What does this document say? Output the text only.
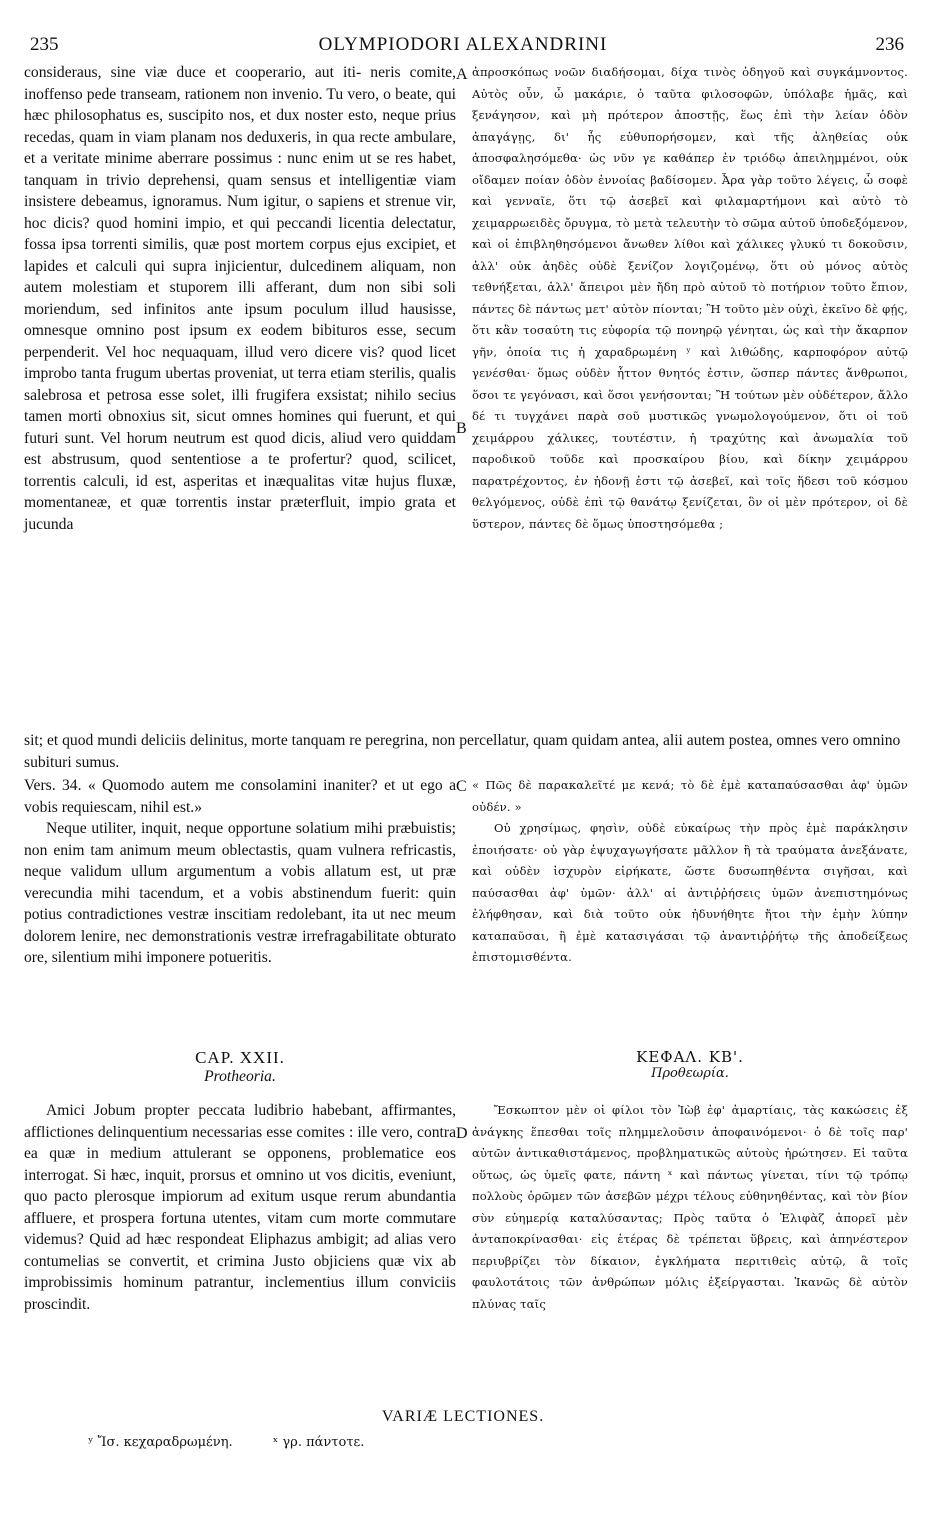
235	OLYMPIODORI ALEXANDRINI	236

consideraus, sine viæ duce et cooperario, aut iti- neris comite, inoffenso pede transeam, rationem non invenio. Tu vero, o beate, qui hæc philosophatus es, suscipito nos, et dux noster esto, neque prius recedas, quam in viam planam nos deduxeris, in qua recte ambulare, et a veritate minime aberrare possimus : nunc enim ut se res habet, tanquam in trivio deprehensi, quam sensus et intelligentiæ viam insistere debeamus, ignoramus. Num igitur, o sapiens et strenue vir, hoc dicis? quod homini impio, et qui peccandi licentia delectatur, fossa ipsa torrenti similis, quæ post mortem corpus ejus excipiet, et lapides et calculi qui supra injicientur, dulcedinem aliquam, non autem molestiam et stuporem illi afferant, dum non sibi soli moriendum, sed infinitos ante ipsum poculum illud hausisse, omnesque omnino post ipsum ex eodem bibituros esse, secum perpenderit. Vel hoc nequaquam, illud vero dicere vis? quod licet improbo tanta frugum ubertas proveniat, ut terra etiam sterilis, qualis salebrosa et petrosa esse solet, illi frugifera exsistat; nihilo secius tamen morti obnoxius sit, sicut omnes homines qui fuerunt, et qui futuri sunt. Vel horum neutrum est quod dicis, aliud vero quiddam est abstrusum, quod sententiose a te profertur? quod, scilicet, torrentis calculi, id est, asperitas et inæqualitas vitæ hujus fluxæ, momentaneæ, et quæ torrentis instar præterfluit, impio grata et jucunda

ἀπροσκόπως νοῶν διαδήσομαι, δίχα τινὸς ὁδηγοῦ καὶ συγκάμνοντος. Αὐτὸς οὖν, ὦ μακάριε, ὁ ταῦτα φιλοσοφῶν, ὑπόλαβε ἡμᾶς, καὶ ξενάγησον, καὶ μὴ πρότερον ἀποστῇς, ἕως ἐπὶ τὴν λείαν ὁδὸν ἀπαγάγῃς, δι' ἧς εὐθυπορήσομεν, καὶ τῆς ἀληθείας οὐκ ἀποσφαλησόμεθα· ὡς νῦν γε καθάπερ ἐν τριόδῳ ἀπειλημμένοι, οὐκ οἴδαμεν ποίαν ὁδὸν ἐννοίας βαδίσομεν. Ἆρα γὰρ τοῦτο λέγεις, ὦ σοφὲ καὶ γενναῖε, ὅτι τῷ ἀσεβεῖ καὶ φιλαμαρτήμονι καὶ αὐτὸ τὸ χειμαρρωειδὲς ὄρυγμα, τὸ μετὰ τελευτὴν τὸ σῶμα αὐτοῦ ὑποδεξόμενον, καὶ οἱ ἐπιβληθησόμενοι ἄνωθεν λίθοι καὶ χάλικες γλυκύ τι δοκοῦσιν, ἀλλ' οὐκ ἀηδὲς οὐδὲ ξενίζον λογιζομένῳ, ὅτι οὐ μόνος αὐτὸς τεθνήξεται, ἀλλ' ἄπειροι μὲν ἤδη πρὸ αὐτοῦ τὸ ποτήριον τοῦτο ἔπιον, πάντες δὲ πάντως μετ' αὐτὸν πίονται; Ἢ τοῦτο μὲν οὐχὶ, ἐκεῖνο δὲ φῄς, ὅτι κἂν τοσαύτη τις εὐφορία τῷ πονηρῷ γένηται, ὡς καὶ τὴν ἄκαρπον γῆν, ὁποία τις ἡ χαραδρωμένη ʸ καὶ λιθώδης, καρποφόρον αὐτῷ γενέσθαι· ὅμως οὐδὲν ἧττον θνητός ἐστιν, ὥσπερ πάντες ἄνθρωποι, ὅσοι τε γεγόνασι, καὶ ὅσοι γενήσονται; Ἢ τούτων μὲν οὐδέτερον, ἄλλο δέ τι τυγχάνει παρὰ σοῦ μυστικῶς γνωμολογούμενον, ὅτι οἱ τοῦ χειμάρρου χάλικες, τουτέστιν, ἡ τραχύτης καὶ ἀνωμαλία τοῦ παροδικοῦ τοῦδε καὶ προσκαίρου βίου, καὶ δίκην χειμάρρου παρατρέχοντος, ἐν ἡδονῇ ἐστι τῷ ἀσεβεῖ, καὶ τοῖς ἥδεσι τοῦ κόσμου θελγόμενος, οὐδὲ ἐπὶ τῷ θανάτῳ ξενίζεται, ὃν οἱ μὲν πρότερον, οἱ δὲ ὕστερον, πάντες δὲ ὅμως ὑποστησόμεθα ;

sit; et quod mundi deliciis delinitus, morte tanquam re peregrina, non percellatur, quam quidam antea, alii autem postea, omnes vero omnino subituri sumus.

Vers. 34. « Quomodo autem me consolamini inaniter? et ut ego a vobis requiescam, nihil est.»

Neque utiliter, inquit, neque opportune solatium mihi præbuistis; non enim tam animum meum oblectastis, quam vulnera refricastis, neque validum ullum argumentum a vobis allatum est, ut præ verecundia mihi tacendum, et a vobis abstinendum fuerit: quin potius contradictiones vestræ inscitiam redolebant, ita ut nec meum dolorem lenire, nec demonstrationis vestræ irrefragabilitate obturato ore, silentium mihi imponere potueritis.

« Πῶς δὲ παρακαλεῖτέ με κενά; τὸ δὲ ἐμὲ καταπαύσασθαι ἀφ' ὑμῶν οὐδέν. »

Οὐ χρησίμως, φησὶν, οὐδὲ εὐκαίρως τὴν πρὸς ἐμὲ παράκλησιν ἐποιήσατε· οὐ γὰρ ἐψυχαγωγήσατε μᾶλλον ἢ τὰ τραύματα ἀνεξάνατε, καὶ οὐδὲν ἰσχυρὸν εἰρήκατε, ὥστε δυσωπηθέντα σιγῆσαι, καὶ παύσασθαι ἀφ' ὑμῶν· ἀλλ' αἱ ἀντιῤῥήσεις ὑμῶν ἀνεπιστημόνως ἐλήφθησαν, καὶ διὰ τοῦτο οὐκ ἠδυνήθητε ἤτοι τὴν ἐμὴν λύπην καταπαῦσαι, ἢ ἐμὲ κατασιγάσαι τῷ ἀναντιῤῥήτῳ τῆς ἀποδείξεως ἐπιστομισθέντα.

CAP. XXII.

Protheoria.

ΚΕΦΑΛ. ΚΒ'.

Προθεωρία.

Amici Jobum propter peccata ludibrio habebant, affirmantes, afflictiones delinquentium necessarias esse comites : ille vero, contra ea quæ in medium attulerant se opponens, problematice eos interrogat. Si hæc, inquit, prorsus et omnino ut vos dicitis, eveniunt, quo pacto plerosque impiorum ad exitum usque rerum abundantia affluere, et prospera fortuna utentes, vitam cum morte commutare videmus? Quid ad hæc respondeat Eliphazus ambigit; ad alias vero contumelias se convertit, et crimina Justo objiciens quæ vix ab improbissimis hominum patrantur, inclementius illum conviciis proscindit.

Ἔσκωπτον μὲν οἱ φίλοι τὸν Ἰὼβ ἐφ' ἁμαρτίαις, τὰς κακώσεις ἐξ ἀνάγκης ἕπεσθαι τοῖς πλημμελοῦσιν ἀποφαινόμενοι· ὁ δὲ τοῖς παρ' αὐτῶν ἀντικαθιστάμενος, προβληματικῶς αὐτοὺς ἠρώτησεν. Εἰ ταῦτα οὕτως, ὡς ὑμεῖς φατε, πάντη ˣ καὶ πάντως γίνεται, τίνι τῷ τρόπῳ πολλοὺς ὁρῶμεν τῶν ἀσεβῶν μέχρι τέλους εὐθηνηθέντας, καὶ τὸν βίον σὺν εὐημερίᾳ καταλύσαντας; Πρὸς ταῦτα ὁ Ἐλιφὰζ ἀπορεῖ μὲν ἀνταποκρίνασθαι· εἰς ἑτέρας δὲ τρέπεται ὕβρεις, καὶ ἀπηνέστερον περιυβρίζει τὸν δίκαιον, ἐγκλήματα περιτιθεὶς αὐτῷ, ἃ τοῖς φαυλοτάτοις τῶν ἀνθρώπων μόλις ἐξείργασται. Ἱκανῶς δὲ αὐτὸν πλύνας ταῖς

A
B
C
D
VARIÆ LECTIONES.
ʸ Ἴσ. κεχαραδρωμένη.	ˣ γρ. πάντοτε.
